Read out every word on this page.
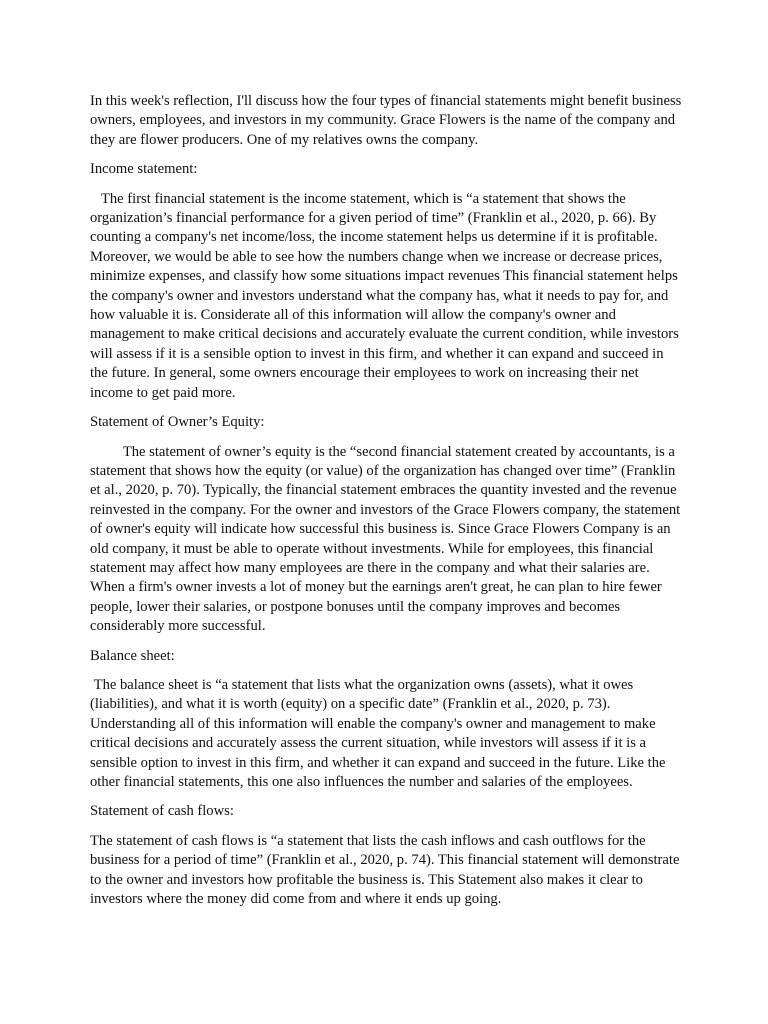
In this week's reflection, I'll discuss how the four types of financial statements might benefit business owners, employees, and investors in my community. Grace Flowers is the name of the company and they are flower producers. One of my relatives owns the company.

Income statement:

The first financial statement is the income statement, which is “a statement that shows the organization’s financial performance for a given period of time” (Franklin et al., 2020, p. 66). By counting a company's net income/loss, the income statement helps us determine if it is profitable. Moreover, we would be able to see how the numbers change when we increase or decrease prices, minimize expenses, and classify how some situations impact revenues This financial statement helps the company's owner and investors understand what the company has, what it needs to pay for, and how valuable it is. Considerate all of this information will allow the company's owner and management to make critical decisions and accurately evaluate the current condition, while investors will assess if it is a sensible option to invest in this firm, and whether it can expand and succeed in the future. In general, some owners encourage their employees to work on increasing their net income to get paid more.

Statement of Owner’s Equity:

The statement of owner’s equity is the “second financial statement created by accountants, is a statement that shows how the equity (or value) of the organization has changed over time” (Franklin et al., 2020, p. 70). Typically, the financial statement embraces the quantity invested and the revenue reinvested in the company. For the owner and investors of the Grace Flowers company, the statement of owner's equity will indicate how successful this business is. Since Grace Flowers Company is an old company, it must be able to operate without investments. While for employees, this financial statement may affect how many employees are there in the company and what their salaries are. When a firm's owner invests a lot of money but the earnings aren't great, he can plan to hire fewer people, lower their salaries, or postpone bonuses until the company improves and becomes considerably more successful.

Balance sheet:

The balance sheet is “a statement that lists what the organization owns (assets), what it owes (liabilities), and what it is worth (equity) on a specific date” (Franklin et al., 2020, p. 73). Understanding all of this information will enable the company's owner and management to make critical decisions and accurately assess the current situation, while investors will assess if it is a sensible option to invest in this firm, and whether it can expand and succeed in the future. Like the other financial statements, this one also influences the number and salaries of the employees.

Statement of cash flows:

The statement of cash flows is “a statement that lists the cash inflows and cash outflows for the business for a period of time” (Franklin et al., 2020, p. 74). This financial statement will demonstrate to the owner and investors how profitable the business is. This Statement also makes it clear to investors where the money did come from and where it ends up going.
